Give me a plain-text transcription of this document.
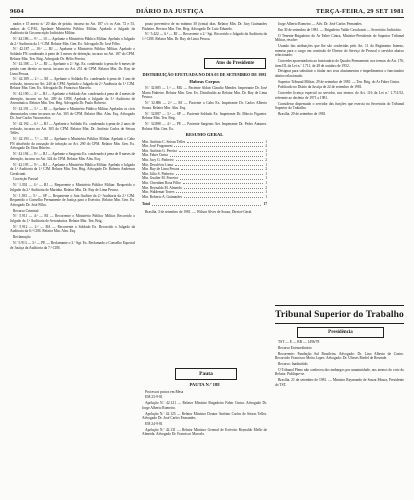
9604	DIÁRIO DA JUSTIÇA	TERÇA-FEIRA, 29 SET 1981

nados e 15 anexo n.º 20 dias de prisão, incurso no Art. 187 c/c os Arts. 72 e 53, ambos do C.P.M., Apelante Ministério Público Militar, Apelado o Julgado da Auditoria da Circunscrição Judiciária Militar.

N.º 42.186 — 9.ª — 10 — Apelante o Ministério Público Militar. Apelado o Julgado da 2.ª Auditoria da 1.ª CJM. Relator Min. Gen. Ex. Advogado Dr. José Filho.

N.º 42.187 — 10.ª — RJ — Apelante o Ministério Público Militar, Apelado o Soldado FN condenado à pena de 3 meses de detenção, incurso no Art. 187 do CPM. Relator Min. Ten. Brig. Advogado Dr. Hélio Pereira.

N.º 42.188 — 1.ª — RJ — Apelante o 2.º Sgt. Ex. condenado à pena de 6 meses de prisão com direito ao sursis, incurso no Art. 251 do CPM. Relator Min. Dr. Ruy de Lima Pessoa.

N.º 42.189 — 2.ª — RJ — Apelante o Soldado Ex. condenado à pena de 1 ano de reclusão, incurso no Art. 240 do CPM. Apelado o Julgado da 2.ª Auditoria da 1.ª CJM. Relator Min. Gen. Ex. Advogado Dr. Francisco Marcelo.

N.º 42.190 — 4.ª — RJ — Apelante o Soldado Aer. condenado à pena de 4 meses de detenção, incurso no Art. 209 do CPM. Apelado o Julgado da 3.ª Auditoria de Aeronáutica. Relator Min. Ten. Brig. Advogado Dr. Paulo Roberto.

N.º 42.191 — 5.ª — RJ — Apelante o Ministério Público Militar. Apelados os civis denunciados como incursos no Art. 303 do CPM. Relator Min. Alm. Esq. Advogado Dr. José Carlos Vasconcelos.

N.º 42.192 — 6.ª — RJ — Apelante o Soldado Ex. condenado à pena de 2 anos de reclusão, incurso no Art. 305 do CPM. Relator Min. Dr. Antônio Carlos de Seixas Telles.

N.º 42.193 — 7.ª — RJ — Apelante o Ministério Público Militar. Apelado o Cabo FN absolvido da acusação de infração ao Art. 290 do CPM. Relator Min. Gen. Ex. Advogado Dr. Ilton Ribeiro.

N.º 42.194 — 8.ª — RJ — Apelante o Sargento Ex. condenado à pena de 8 meses de detenção, incurso no Art. 324 do CPM. Relator Min. Alm. Esq.

N.º 42.195 — 9.ª — RJ — Apelante o Ministério Público Militar. Apelado o Julgado da 1.ª Auditoria da 1.ª CJM. Relator Min. Ten. Brig. Advogado Dr. Roberto Anderson Cavalcanti.

Correição Parcial

N.º 1.392 — 4.ª — RJ — Requerente o Ministério Público Militar. Requerido o Julgado da 2.ª Auditoria de Marinha. Relator Min. Dr. Ruy de Lima Pessoa.

N.º 1.393 — 5.ª — SP — Requerente o Juiz-Auditor da 2.ª Auditoria da 2.ª CJM. Requerido o Conselho Permanente de Justiça para o Exército. Relator Min. Gen. Ex. Advogado Dr. José Filho.

Recurso Criminal

N.º 5.911 — 4.ª — RJ — Recorrente o Ministério Público Militar. Recorrido o Julgado da 1.ª Auditoria de Aeronáutica. Relator Min. Ten. Brig.

N.º 5.912 — 2.ª — BA — Recorrente o Soldado Ex. Recorrido o Julgado da Auditoria da 6.ª CJM. Relator Min. Alm. Esq.

Reclamação

N.º 5.913 — 3.ª — PE — Reclamante o 3.º Sgt. Ex. Reclamado o Conselho Especial de Justiça da Auditoria da 7.ª CJM.

prazo preventivo de no mínimo 30 (trinta) dias. Relator Min. Dr. Jacy Guimarães Pinheiro. Revisor Min. Ten. Brig. Advogado Dr. Luiz Eduardo.

N.º 5.422 — 6.ª — RJ — Recorrente o 2.º Sgt. Recorrido o Julgado da Auditoria da 1.ª CJM. Relator Min. Dr. Ruy de Lima Pessoa.

Atos do Presidente
DISTRIBUIÇÃO EFETUADA NO DIA 03 DE SETEMBRO DE 1981
Habeas Corpus

N.º 32.885 — 1.ª — MG — Paciente Aldair Claudio Mendes. Impetrante Dr. José Maria Pinheiro. Relator Min. Gen. Ex. Distribuído ao Relator Min. Dr. Ruy de Lima Pessoa.

N.º 32.886 — 2.ª — RJ — Paciente o Cabo Ex. Impetrante Dr. Carlos Alberto Souza. Relator Min. Alm. Esq.

N.º 32.887 — 3.ª — SP — Paciente Soldado Ex. Impetrante Dr. Márcio Figueira. Relator Min. Ten. Brig.

N.º 32.888 — 4.ª — PE — Paciente Sargento Aer. Impetrante Dr. Pedro Antunes. Relator Min. Gen. Ex.

RESUMO GERAL
Min. Antônio C. Seixas Telles	1
Min. José Fragomeni	2
Min. Antônio G. Pereira	1
Min. Faber Cintra	1
Min. Jacy G. Pinheiro	2
Min. Deoclécio Lima	1
Min. Ruy de Lima Pessoa	2
Min. Júlio S. Pinheiro	1
Min. Gualter M. Ferreira	1
Min. Cherubim Rosa Filho	1
Min. Reynaldo M. Almeida	2
Min. Waldemar Torres	1
Min. Roberto A. Guimarães	1
Total	17

Brasília, 3 de setembro de 1981. — Wilson Alves de Souza, Diretor-Geral.

Pauta
PAUTA N.º 188

Processos postos em Mesa

EM 23-9-81

Apelação N.º 42.121 — Relator Ministro Brigadeiro Faber Cintra. Advogado Dr. Jorge Alberto Romeiro.

Apelação N.º 42.125 — Relator Ministro Doutor Antônio Carlos de Seixas Telles. Advogado Dr. José Carlos Fernandes.

EM 24-9-81

Apelação N.º 42.131 — Relator Ministro General de Exército Reynaldo Mello de Almeida. Advogado Dr. Francisco Marcelo.

Jorge Alberto Romeiro — Adv. Dr. José Carlos Fernandes.

Em 30 de setembro de 1981. — Brigadeiro Valdir Cavalcanti — Secretário Judiciário.

O Tenente-Brigadeiro do Ar Faber Cintra, Ministro-Presidente do Superior Tribunal Militar, resolve:

Usando das atribuições que lhe são conferidas pelo Art. 11 do Regimento Interno, nomear para o cargo em comissão de Diretor do Serviço de Pessoal o servidor abaixo relacionado:

Conceder aposentadoria ao funcionário do Quadro Permanente, nos termos do Art. 176, item III, da Lei n.º 1.711, de 28 de outubro de 1952.

Designar para substituir o titular nos seus afastamentos e impedimentos o funcionário abaixo relacionado.

Superior Tribunal Militar, 29 de setembro de 1981. — Ten. Brig. do Ar Faber Cintra.

Publicado no Diário da Justiça de 22 de setembro de 1981.

Conceder licença especial ao servidor, nos termos do Art. 116 da Lei n.º 1.711/52, referente ao decênio de 1971 a 1981.

Considerar dispensado o servidor das funções que exercia na Secretaria do Tribunal Superior do Trabalho.

Brasília, 29 de setembro de 1981.

Tribunal Superior do Trabalho
Presidência

TST — E — RR — 1496/78

Recurso Extraordinário

Recorrente: Fundação Sul Brasileira. Advogado: Dr. Lino Alberto de Castro. Recorrido: Francisco Meira Lopes. Advogado: Dr. Ulisses Riedel de Resende.

Recurso: Inadmitido.

O Tribunal Pleno não conheceu dos embargos por unanimidade, nos termos do voto do Relator. Publique-se.

Brasília, 21 de setembro de 1981. — Ministro Raymundo de Souza Moura, Presidente do TST.
